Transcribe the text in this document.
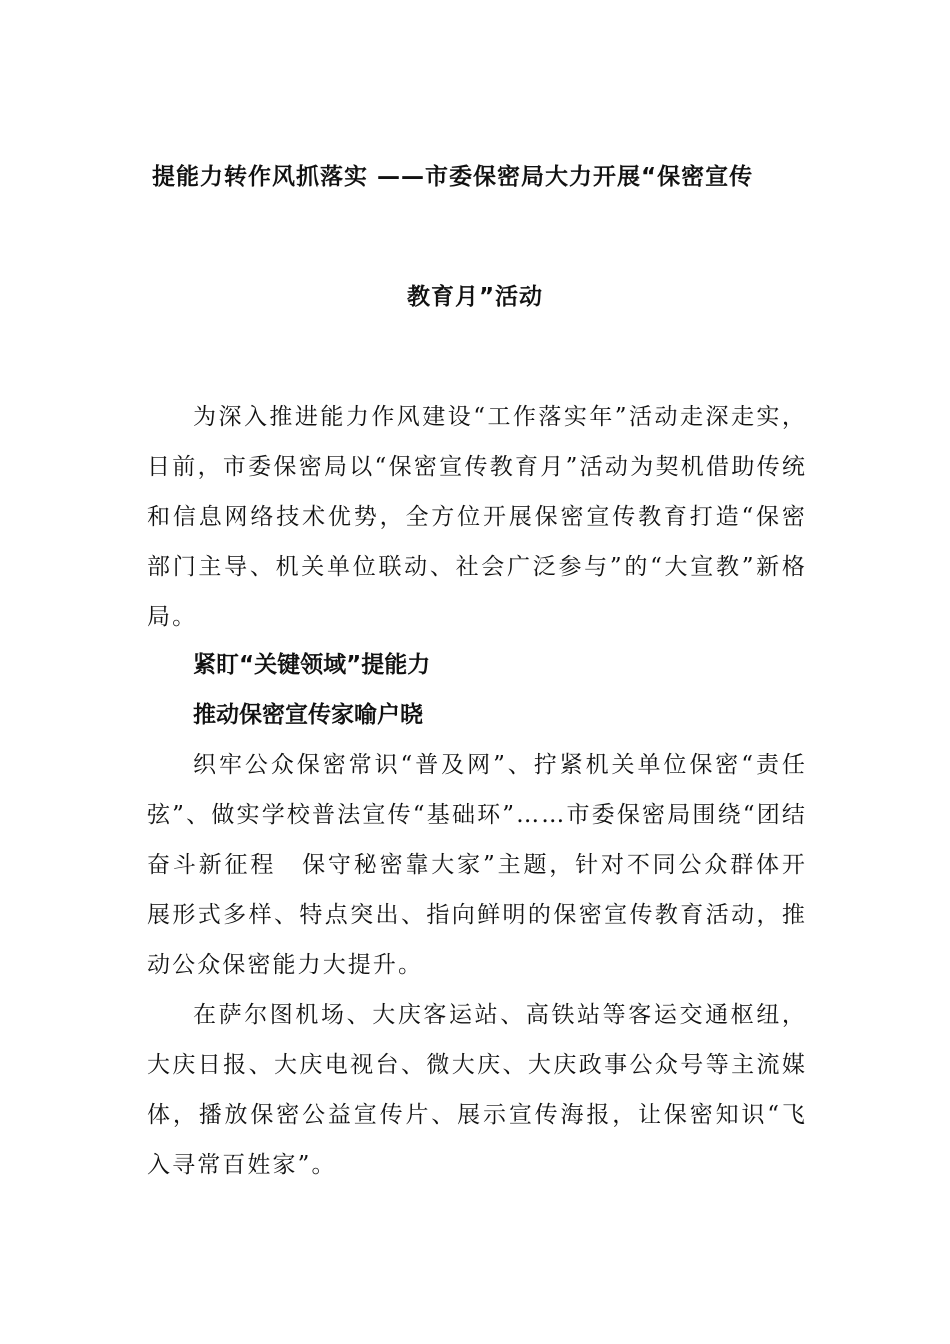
提能力转作风抓落实 ——市委保密局大力开展“保密宣传
教育月”活动

为深入推进能力作风建设“工作落实年”活动走深走实，日前，市委保密局以“保密宣传教育月”活动为契机借助传统和信息网络技术优势，全方位开展保密宣传教育打造“保密部门主导、机关单位联动、社会广泛参与”的“大宣教”新格局。

紧盯“关键领域”提能力
推动保密宣传家喻户晓

织牢公众保密常识“普及网”、拧紧机关单位保密“责任弦”、做实学校普法宣传“基础环”……市委保密局围绕“团结奋斗新征程　保守秘密靠大家”主题，针对不同公众群体开展形式多样、特点突出、指向鲜明的保密宣传教育活动，推动公众保密能力大提升。

在萨尔图机场、大庆客运站、高铁站等客运交通枢纽，大庆日报、大庆电视台、微大庆、大庆政事公众号等主流媒体，播放保密公益宣传片、展示宣传海报，让保密知识“飞入寻常百姓家”。
